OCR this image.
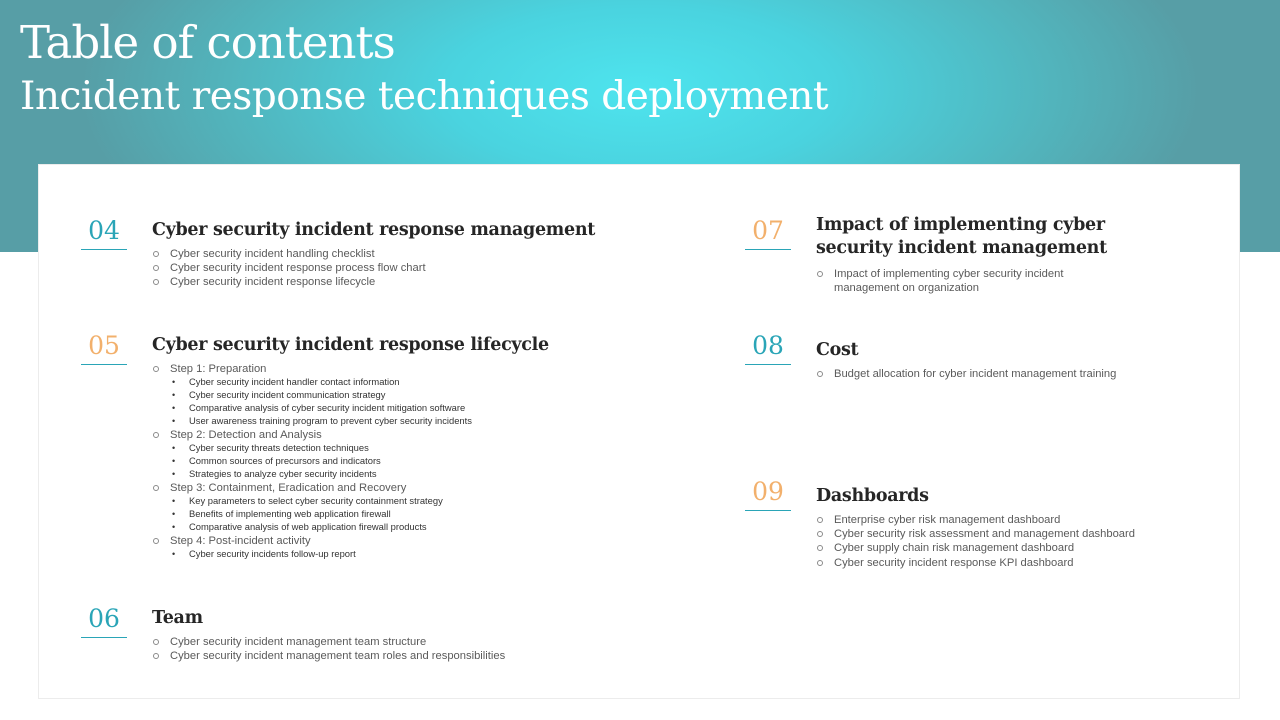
Table of contents
Incident response techniques deployment
04	Cyber security incident response management
Cyber security incident handling checklist
Cyber security incident response process flow chart
Cyber security incident response lifecycle
05	Cyber security incident response lifecycle
Step 1: Preparation
• Cyber security incident handler contact information
• Cyber security incident communication strategy
• Comparative analysis of cyber security incident mitigation software
• User awareness training program to prevent cyber security incidents
Step 2: Detection and Analysis
• Cyber security threats detection techniques
• Common sources of precursors and indicators
• Strategies to analyze cyber security incidents
Step 3: Containment, Eradication and Recovery
• Key parameters to select cyber security containment strategy
• Benefits of implementing web application firewall
• Comparative analysis of web application firewall products
Step 4: Post-incident activity
• Cyber security incidents follow-up report
06	Team
Cyber security incident management team structure
Cyber security incident management team roles and responsibilities
07	Impact of implementing cyber security incident management
Impact of implementing cyber security incident management on organization
08	Cost
Budget allocation for cyber incident management training
09	Dashboards
Enterprise cyber risk management dashboard
Cyber security risk assessment and management dashboard
Cyber supply chain risk management dashboard
Cyber security incident response KPI dashboard
